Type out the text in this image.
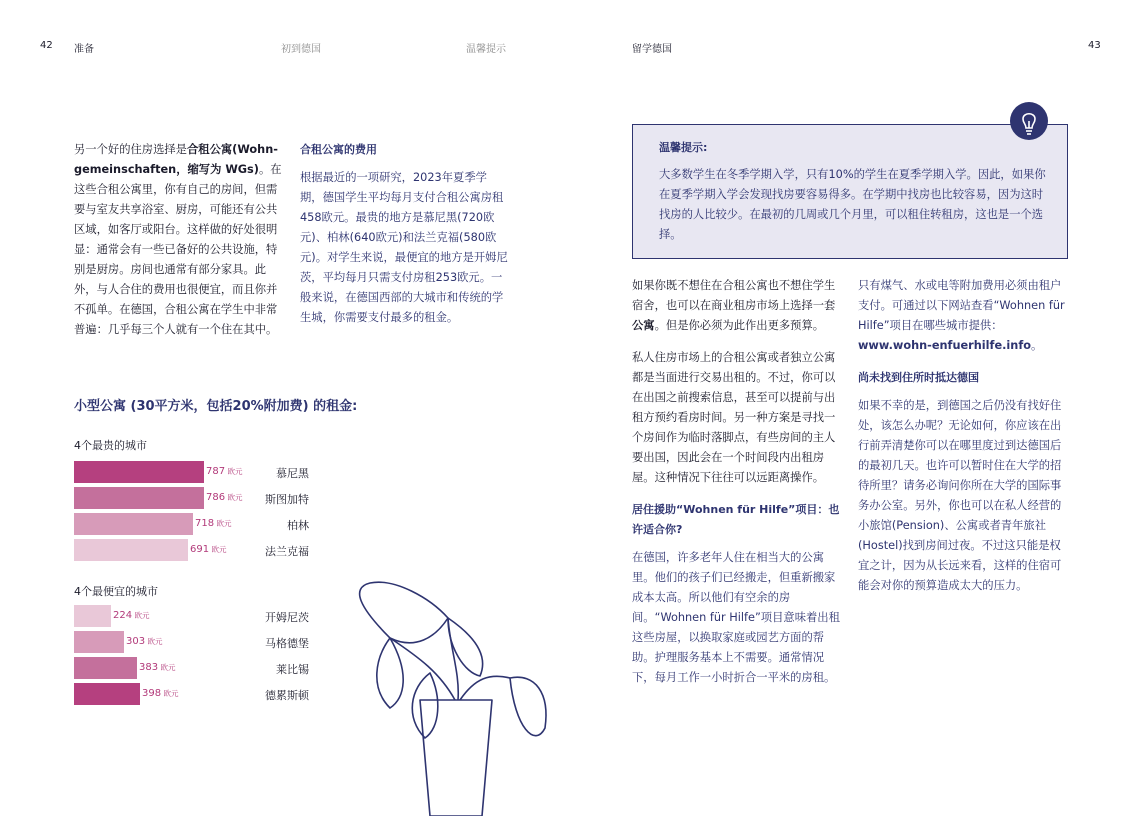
42 准备	初到德国	温馨提示	留学德国	43

另一个好的住房选择是合租公寓(Wohn-gemeinschaften，缩写为 WGs)。在这些合租公寓里，你有自己的房间，但需要与室友共享浴室、厨房，可能还有公共区域，如客厅或阳台。这样做的好处很明显：通常会有一些已备好的公共设施，特别是厨房。房间也通常有部分家具。此外，与人合住的费用也很便宜，而且你并不孤单。在德国，合租公寓在学生中非常普遍：几乎每三个人就有一个住在其中。

合租公寓的费用

根据最近的一项研究，2023年夏季学期，德国学生平均每月支付合租公寓房租458欧元。最贵的地方是慕尼黑(720欧元)、柏林(640欧元)和法兰克福(580欧元)。对学生来说，最便宜的地方是开姆尼茨，平均每月只需支付房租253欧元。一般来说，在德国西部的大城市和传统的学生城，你需要支付最多的租金。

小型公寓 (30平方米，包括20%附加费) 的租金:
4个最贵的城市
4个最便宜的城市
787 欧元	慕尼黑
786 欧元	斯图加特
718 欧元	柏林
691 欧元	法兰克福
224 欧元	开姆尼茨
303 欧元	马格德堡
383 欧元	莱比锡
398 欧元	德累斯顿
温馨提示:
大多数学生在冬季学期入学，只有10%的学生在夏季学期入学。因此，如果你在夏季学期入学会发现找房要容易得多。在学期中找房也比较容易，因为这时找房的人比较少。在最初的几周或几个月里，可以租住转租房，这也是一个选择。

如果你既不想住在合租公寓也不想住学生宿舍，也可以在商业租房市场上选择一套公寓。但是你必须为此作出更多预算。

私人住房市场上的合租公寓或者独立公寓都是当面进行交易出租的。不过，你可以在出国之前搜索信息，甚至可以提前与出租方预约看房时间。另一种方案是寻找一个房间作为临时落脚点，有些房间的主人要出国，因此会在一个时间段内出租房屋。这种情况下往往可以远距离操作。

居住援助“Wohnen für Hilfe”项目：也许适合你?

在德国，许多老年人住在相当大的公寓里。他们的孩子们已经搬走，但重新搬家成本太高。所以他们有空余的房间。“Wohnen für Hilfe”项目意味着出租这些房屋，以换取家庭或园艺方面的帮助。护理服务基本上不需要。通常情况下，每月工作一小时折合一平米的房租。

只有煤气、水或电等附加费用必须由租户支付。可通过以下网站查看“Wohnen für Hilfe”项目在哪些城市提供：www.wohn-enfuerhilfe.info。

尚未找到住所时抵达德国

如果不幸的是，到德国之后仍没有找好住处，该怎么办呢？无论如何，你应该在出行前弄清楚你可以在哪里度过到达德国后的最初几天。也许可以暂时住在大学的招待所里？请务必询问你所在大学的国际事务办公室。另外，你也可以在私人经营的小旅馆(Pension)、公寓或者青年旅社(Hostel)找到房间过夜。不过这只能是权宜之计，因为从长远来看，这样的住宿可能会对你的预算造成太大的压力。
